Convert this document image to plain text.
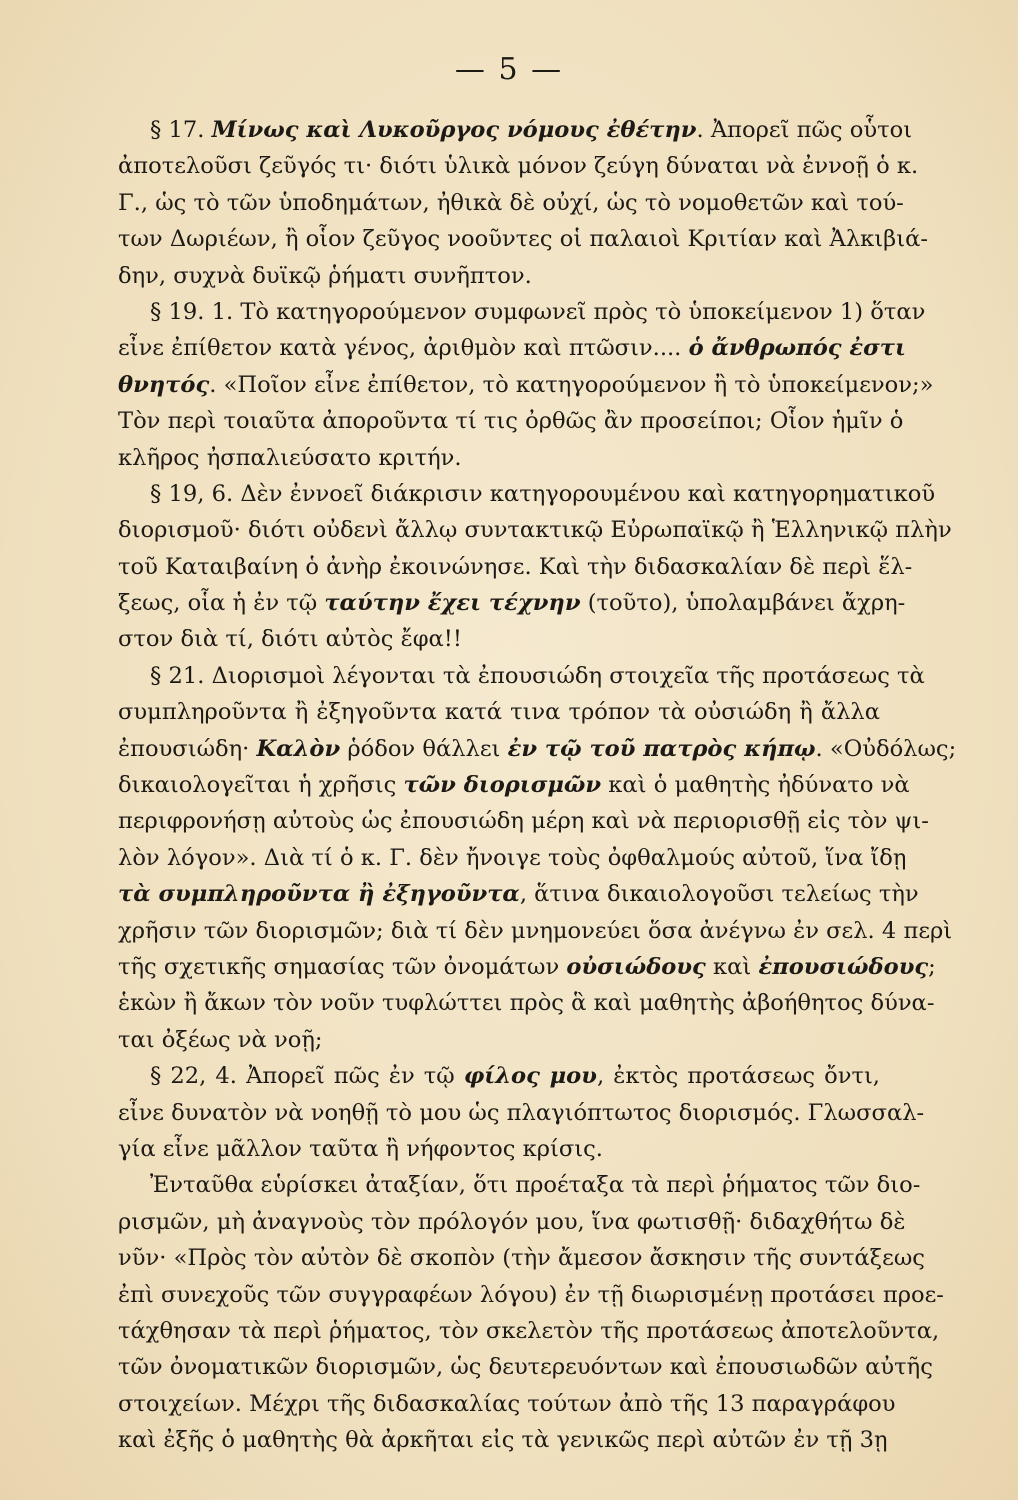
— 5 —
§ 17. Μίνως καὶ Λυκοῦργος νόμους ἐθέτην. Ἀπορεῖ πῶς οὗτοι
ἀποτελοῦσι ζεῦγός τι· διότι ὑλικὰ μόνον ζεύγη δύναται νὰ ἐννοῇ ὁ κ.
Γ., ὡς τὸ τῶν ὑποδημάτων, ἠθικὰ δὲ οὐχί, ὡς τὸ νομοθετῶν καὶ τού-
των Δωριέων, ἢ οἷον ζεῦγος νοοῦντες οἱ παλαιοὶ Κριτίαν καὶ Ἀλκιβιά-
δην, συχνὰ δυϊκῷ ῥήματι συνῆπτον.
§ 19. 1. Τὸ κατηγορούμενον συμφωνεῖ πρὸς τὸ ὑποκείμενον 1) ὅταν
εἶνε ἐπίθετον κατὰ γένος, ἀριθμὸν καὶ πτῶσιν.... ὁ ἄνθρωπός ἐστι
θνητός. «Ποῖον εἶνε ἐπίθετον, τὸ κατηγορούμενον ἢ τὸ ὑποκείμενον;»
Τὸν περὶ τοιαῦτα ἀποροῦντα τί τις ὀρθῶς ἂν προσείποι; Οἷον ἡμῖν ὁ
κλῆρος ἠσπαλιεύσατο κριτήν.
§ 19, 6. Δὲν ἐννοεῖ διάκρισιν κατηγορουμένου καὶ κατηγορηματικοῦ
διορισμοῦ· διότι οὐδενὶ ἄλλῳ συντακτικῷ Εὐρωπαϊκῷ ἢ Ἑλληνικῷ πλὴν
τοῦ Καταιβαίνη ὁ ἀνὴρ ἐκοινώνησε. Καὶ τὴν διδασκαλίαν δὲ περὶ ἕλ-
ξεως, οἷα ἡ ἐν τῷ ταύτην ἔχει τέχνην (τοῦτο), ὑπολαμβάνει ἄχρη-
στον διὰ τί, διότι αὐτὸς ἔφα!!
§ 21. Διορισμοὶ λέγονται τὰ ἐπουσιώδη στοιχεῖα τῆς προτάσεως τὰ
συμπληροῦντα ἢ ἐξηγοῦντα κατά τινα τρόπον τὰ οὐσιώδη ἢ ἄλλα
ἐπουσιώδη· Καλὸν ῥόδον θάλλει ἐν τῷ τοῦ πατρὸς κήπῳ. «Οὐδόλως;
δικαιολογεῖται ἡ χρῆσις τῶν διορισμῶν καὶ ὁ μαθητὴς ἠδύνατο νὰ
περιφρονήσῃ αὐτοὺς ὡς ἐπουσιώδη μέρη καὶ νὰ περιορισθῇ εἰς τὸν ψι-
λὸν λόγον». Διὰ τί ὁ κ. Γ. δὲν ἤνοιγε τοὺς ὀφθαλμούς αὐτοῦ, ἵνα ἴδῃ
τὰ συμπληροῦντα ἢ ἐξηγοῦντα, ἅτινα δικαιολογοῦσι τελείως τὴν
χρῆσιν τῶν διορισμῶν; διὰ τί δὲν μνημονεύει ὅσα ἀνέγνω ἐν σελ. 4 περὶ
τῆς σχετικῆς σημασίας τῶν ὀνομάτων οὐσιώδους καὶ ἐπουσιώδους;
ἑκὼν ἢ ἄκων τὸν νοῦν τυφλώττει πρὸς ἃ καὶ μαθητὴς ἀβοήθητος δύνα-
ται ὀξέως νὰ νοῇ;
§ 22, 4. Ἀπορεῖ πῶς ἐν τῷ φίλος μου, ἐκτὸς προτάσεως ὄντι,
εἶνε δυνατὸν νὰ νοηθῇ τὸ μου ὡς πλαγιόπτωτος διορισμός. Γλωσσαλ-
γία εἶνε μᾶλλον ταῦτα ἢ νήφοντος κρίσις.
Ἐνταῦθα εὑρίσκει ἀταξίαν, ὅτι προέταξα τὰ περὶ ῥήματος τῶν διο-
ρισμῶν, μὴ ἀναγνοὺς τὸν πρόλογόν μου, ἵνα φωτισθῇ· διδαχθήτω δὲ
νῦν· «Πρὸς τὸν αὐτὸν δὲ σκοπὸν (τὴν ἄμεσον ἄσκησιν τῆς συντάξεως
ἐπὶ συνεχοῦς τῶν συγγραφέων λόγου) ἐν τῇ διωρισμένῃ προτάσει προε-
τάχθησαν τὰ περὶ ῥήματος, τὸν σκελετὸν τῆς προτάσεως ἀποτελοῦντα,
τῶν ὀνοματικῶν διορισμῶν, ὡς δευτερευόντων καὶ ἐπουσιωδῶν αὐτῆς
στοιχείων. Μέχρι τῆς διδασκαλίας τούτων ἀπὸ τῆς 13 παραγράφου
καὶ ἐξῆς ὁ μαθητὴς θὰ ἀρκῆται εἰς τὰ γενικῶς περὶ αὐτῶν ἐν τῇ 3ῃ
